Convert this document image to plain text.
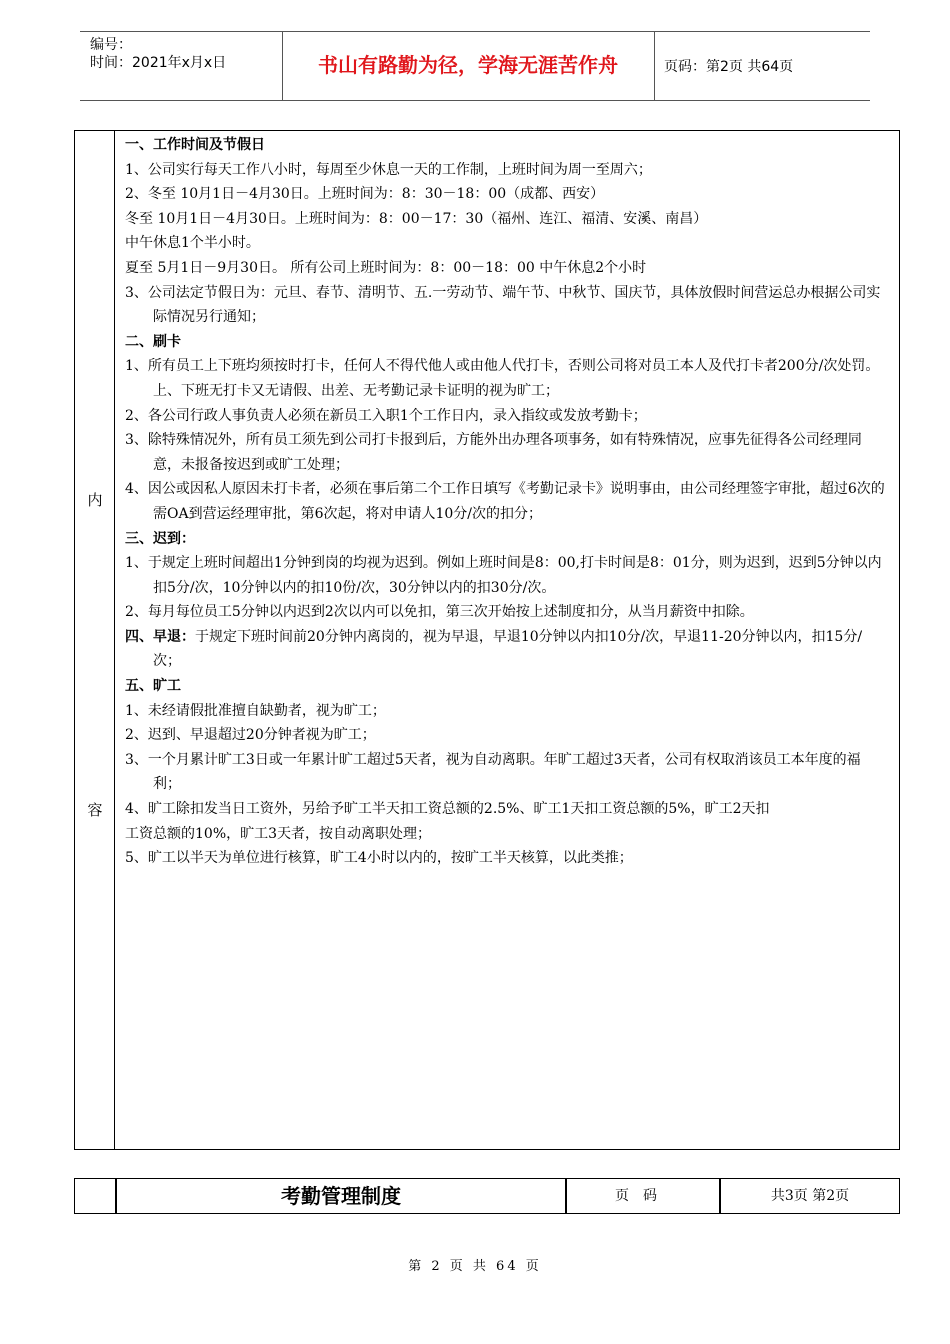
编号：
时间：2021年x月x日	书山有路勤为径，学海无涯苦作舟	页码：第2页 共64页
内
容

一、工作时间及节假日

1、公司实行每天工作八小时，每周至少休息一天的工作制，上班时间为周一至周六；

2、冬至 10月1日－4月30日。上班时间为：8：30－18：00（成都、西安）

冬至 10月1日－4月30日。上班时间为：8：00－17：30（福州、连江、福清、安溪、南昌）

中午休息1个半小时。

夏至 5月1日－9月30日。 所有公司上班时间为：8：00－18：00 中午休息2个小时

3、公司法定节假日为：元旦、春节、清明节、五.一劳动节、端午节、中秋节、国庆节，具体放假时间营运总办根据公司实际情况另行通知；

二、刷卡

1、所有员工上下班均须按时打卡，任何人不得代他人或由他人代打卡，否则公司将对员工本人及代打卡者200分/次处罚。上、下班无打卡又无请假、出差、无考勤记录卡证明的视为旷工；

2、各公司行政人事负责人必须在新员工入职1个工作日内，录入指纹或发放考勤卡；

3、除特殊情况外，所有员工须先到公司打卡报到后，方能外出办理各项事务，如有特殊情况，应事先征得各公司经理同意，未报备按迟到或旷工处理；

4、因公或因私人原因未打卡者，必须在事后第二个工作日填写《考勤记录卡》说明事由，由公司经理签字审批，超过6次的需OA到营运经理审批，第6次起，将对申请人10分/次的扣分；

三、迟到：

1、于规定上班时间超出1分钟到岗的均视为迟到。例如上班时间是8：00,打卡时间是8：01分，则为迟到，迟到5分钟以内扣5分/次，10分钟以内的扣10份/次，30分钟以内的扣30分/次。

2、每月每位员工5分钟以内迟到2次以内可以免扣，第三次开始按上述制度扣分，从当月薪资中扣除。

四、早退：于规定下班时间前20分钟内离岗的，视为早退，早退10分钟以内扣10分/次，早退11-20分钟以内，扣15分/次；

五、旷工

1、未经请假批准擅自缺勤者，视为旷工；

2、迟到、早退超过20分钟者视为旷工；

3、一个月累计旷工3日或一年累计旷工超过5天者，视为自动离职。年旷工超过3天者，公司有权取消该员工本年度的福利；

4、旷工除扣发当日工资外，另给予旷工半天扣工资总额的2.5%、旷工1天扣工资总额的5%，旷工2天扣

工资总额的10%，旷工3天者，按自动离职处理；

5、旷工以半天为单位进行核算，旷工4小时以内的，按旷工半天核算，以此类推；

考勤管理制度	页码	共3页 第2页
第 2 页 共 64 页
